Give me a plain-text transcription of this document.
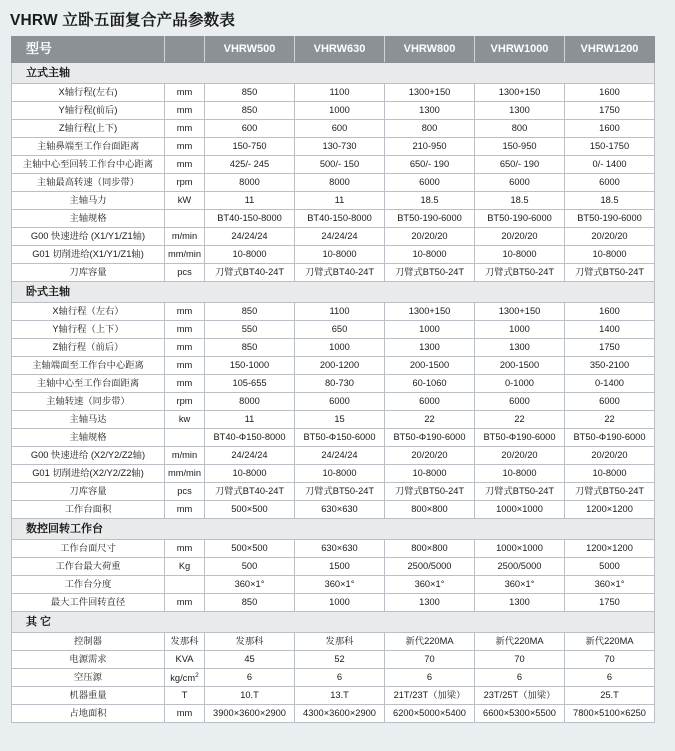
VHRW 立卧五面复合产品参数表
型号		VHRW500	VHRW630	VHRW800	VHRW1000	VHRW1200
立式主轴						
X轴行程(左右)	mm	850	1100	1300+150	1300+150	1600
Y轴行程(前后)	mm	850	1000	1300	1300	1750
Z轴行程(上下)	mm	600	600	800	800	1600
主轴鼻端至工作台面距离	mm	150-750	130-730	210-950	150-950	150-1750
主轴中心至回转工作台中心距离	mm	425/- 245	500/- 150	650/- 190	650/- 190	0/- 1400
主轴最高转速（同步带）	rpm	8000	8000	6000	6000	6000
主轴马力	kW	11	11	18.5	18.5	18.5
主轴规格		BT40-150-8000	BT40-150-8000	BT50-190-6000	BT50-190-6000	BT50-190-6000
G00 快速进给 (X1/Y1/Z1轴)	m/min	24/24/24	24/24/24	20/20/20	20/20/20	20/20/20
G01 切削进给(X1/Y1/Z1轴)	mm/min	10-8000	10-8000	10-8000	10-8000	10-8000
刀库容量	pcs	刀臂式BT40-24T	刀臂式BT40-24T	刀臂式BT50-24T	刀臂式BT50-24T	刀臂式BT50-24T
卧式主轴						
X轴行程（左右）	mm	850	1100	1300+150	1300+150	1600
Y轴行程（上下）	mm	550	650	1000	1000	1400
Z轴行程（前后）	mm	850	1000	1300	1300	1750
主轴端面至工作台中心距离	mm	150-1000	200-1200	200-1500	200-1500	350-2100
主轴中心至工作台面距离	mm	105-655	80-730	60-1060	0-1000	0-1400
主轴转速（同步带）	rpm	8000	6000	6000	6000	6000
主轴马达	kw	11	15	22	22	22
主轴规格		BT40-Φ150-8000	BT50-Φ150-6000	BT50-Φ190-6000	BT50-Φ190-6000	BT50-Φ190-6000
G00 快速进给 (X2/Y2/Z2轴)	m/min	24/24/24	24/24/24	20/20/20	20/20/20	20/20/20
G01 切削进给(X2/Y2/Z2轴)	mm/min	10-8000	10-8000	10-8000	10-8000	10-8000
刀库容量	pcs	刀臂式BT40-24T	刀臂式BT50-24T	刀臂式BT50-24T	刀臂式BT50-24T	刀臂式BT50-24T
工作台面积	mm	500×500	630×630	800×800	1000×1000	1200×1200
数控回转工作台						
工作台面尺寸	mm	500×500	630×630	800×800	1000×1000	1200×1200
工作台最大荷重	Kg	500	1500	2500/5000	2500/5000	5000
工作台分度		360×1°	360×1°	360×1°	360×1°	360×1°
最大工件回转直径	mm	850	1000	1300	1300	1750
其 它						
控制器	发那科	发那科	发那科	新代220MA	新代220MA	新代220MA
电源需求	KVA	45	52	70	70	70
空压源	$kg/cm^2$	6	6	6	6	6
机器重量	T	10.T	13.T	21T/23T（加梁）	23T/25T（加梁）	25.T
占地面积	mm	3900×3600×2900	4300×3600×2900	6200×5000×5400	6600×5300×5500	7800×5100×6250
